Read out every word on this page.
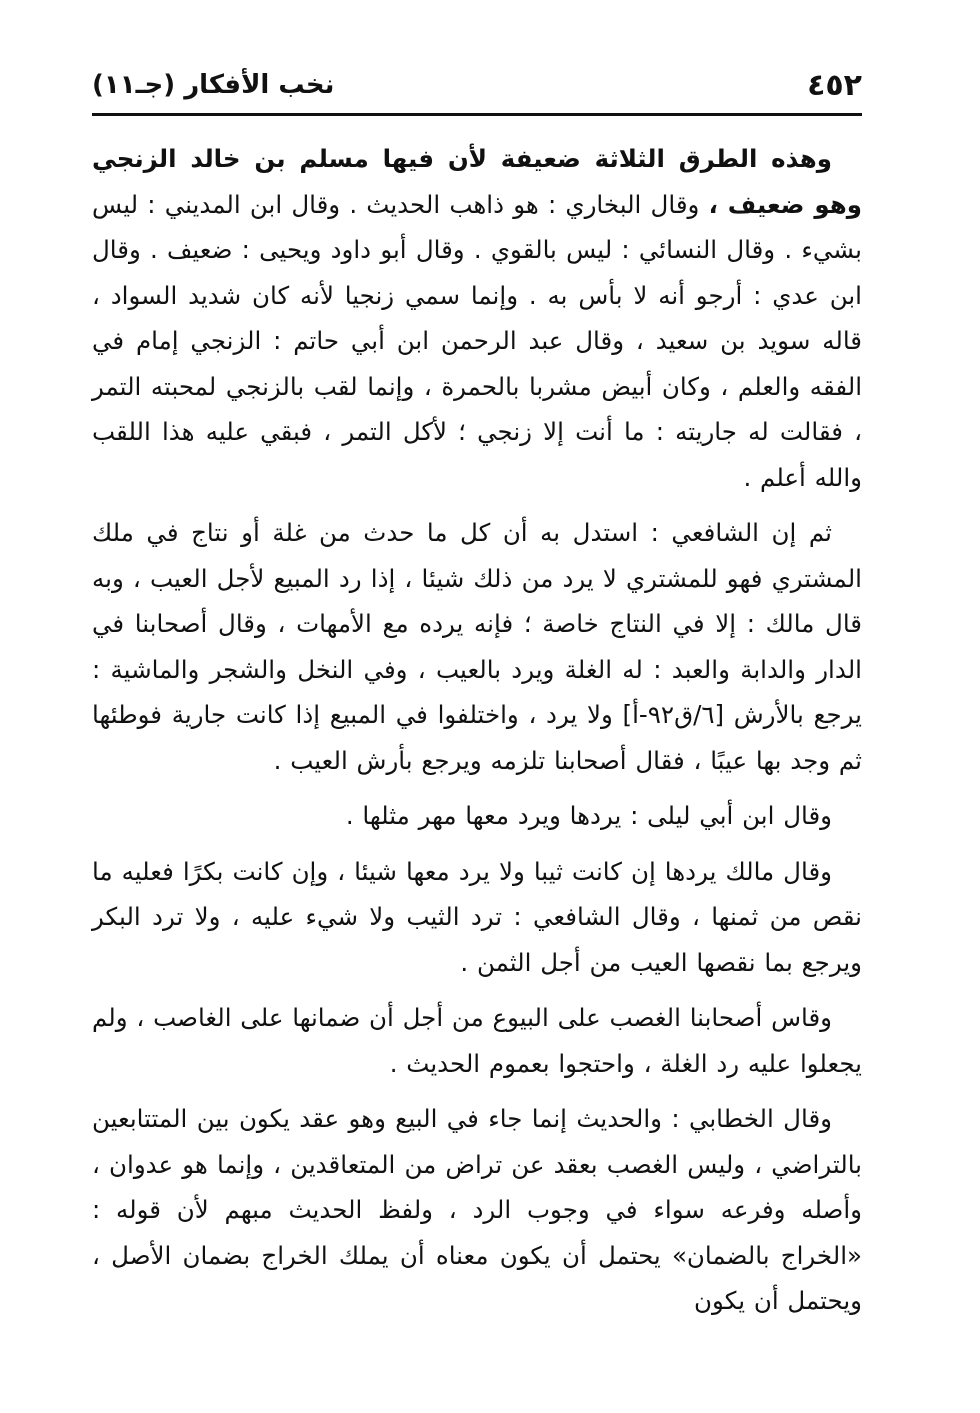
٤٥٢
نخب الأفكار (جـ١١)

وهذه الطرق الثلاثة ضعيفة لأن فيها مسلم بن خالد الزنجي وهو ضعيف ، وقال البخاري : هو ذاهب الحديث . وقال ابن المديني : ليس بشيء . وقال النسائي : ليس بالقوي . وقال أبو داود ويحيى : ضعيف . وقال ابن عدي : أرجو أنه لا بأس به . وإنما سمي زنجيا لأنه كان شديد السواد ، قاله سويد بن سعيد ، وقال عبد الرحمن ابن أبي حاتم : الزنجي إمام في الفقه والعلم ، وكان أبيض مشربا بالحمرة ، وإنما لقب بالزنجي لمحبته التمر ، فقالت له جاريته : ما أنت إلا زنجي ؛ لأكل التمر ، فبقي عليه هذا اللقب والله أعلم .

ثم إن الشافعي : استدل به أن كل ما حدث من غلة أو نتاج في ملك المشتري فهو للمشتري لا يرد من ذلك شيئا ، إذا رد المبيع لأجل العيب ، وبه قال مالك : إلا في النتاج خاصة ؛ فإنه يرده مع الأمهات ، وقال أصحابنا في الدار والدابة والعبد : له الغلة ويرد بالعيب ، وفي النخل والشجر والماشية : يرجع بالأرش [٦/ق٩٢-أ] ولا يرد ، واختلفوا في المبيع إذا كانت جارية فوطئها ثم وجد بها عيبًا ، فقال أصحابنا تلزمه ويرجع بأرش العيب .

وقال ابن أبي ليلى : يردها ويرد معها مهر مثلها .

وقال مالك يردها إن كانت ثيبا ولا يرد معها شيئا ، وإن كانت بكرًا فعليه ما نقص من ثمنها ، وقال الشافعي : ترد الثيب ولا شيء عليه ، ولا ترد البكر ويرجع بما نقصها العيب من أجل الثمن .

وقاس أصحابنا الغصب على البيوع من أجل أن ضمانها على الغاصب ، ولم يجعلوا عليه رد الغلة ، واحتجوا بعموم الحديث .

وقال الخطابي : والحديث إنما جاء في البيع وهو عقد يكون بين المتتابعين بالتراضي ، وليس الغصب بعقد عن تراض من المتعاقدين ، وإنما هو عدوان ، وأصله وفرعه سواء في وجوب الرد ، ولفظ الحديث مبهم لأن قوله : «الخراج بالضمان» يحتمل أن يكون معناه أن يملك الخراج بضمان الأصل ، ويحتمل أن يكون
